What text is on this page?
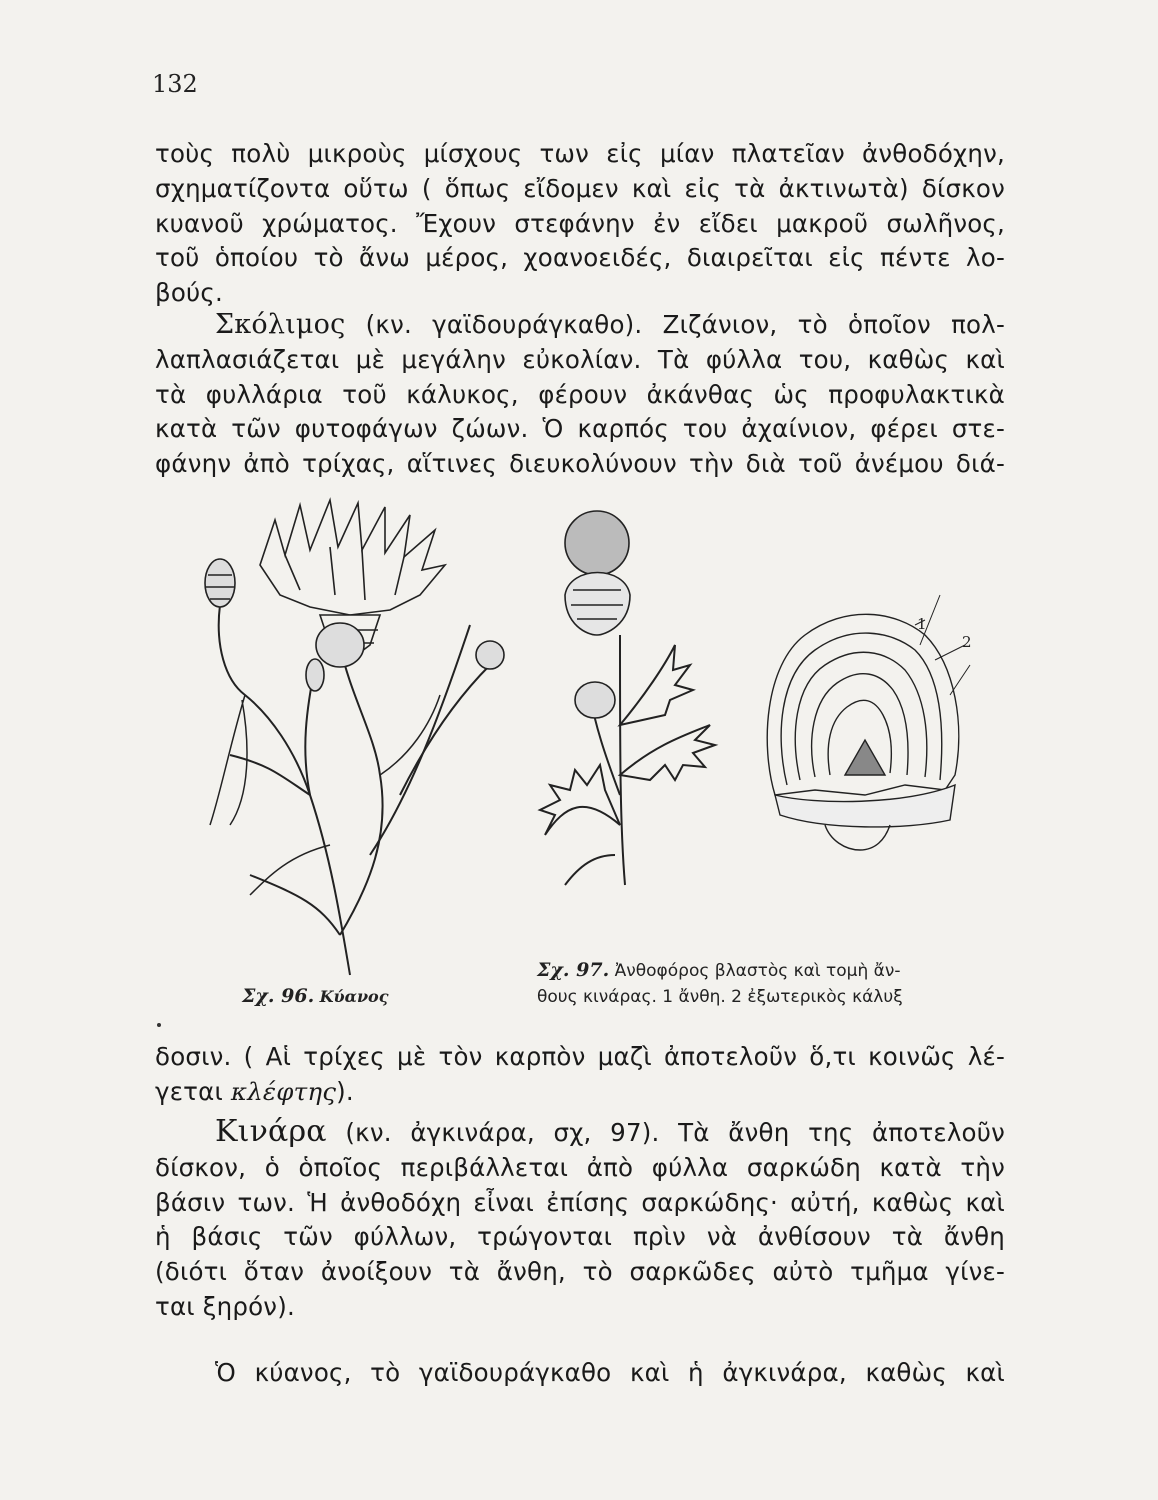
132
τοὺς πολὺ μικροὺς μίσχους των εἰς μίαν πλατεῖαν ἀνθοδόχην,
σχηματίζοντα οὕτω ( ὅπως εἴδομεν καὶ εἰς τὰ ἀκτινωτὰ) δίσκον
κυανοῦ χρώματος. Ἔχουν στεφάνην ἐν εἴδει μακροῦ σωλῆνος,
τοῦ ὁποίου τὸ ἄνω μέρος, χοανοειδές, διαιρεῖται εἰς πέντε λο-
βούς.
Σκόλιμος (κν. γαϊδουράγκαθο). Ζιζάνιον, τὸ ὁποῖον πολ-
λαπλασιάζεται μὲ μεγάλην εὐκολίαν. Τὰ φύλλα του, καθὼς καὶ
τὰ φυλλάρια τοῦ κάλυκος, φέρουν ἀκάνθας ὡς προφυλακτικὰ
κατὰ τῶν φυτοφάγων ζώων. Ὁ καρπός του ἀχαίνιον, φέρει στε-
φάνην ἀπὸ τρίχας, αἵτινες διευκολύνουν τὴν διὰ τοῦ ἀνέμου διά-
1
2
Σχ. 96. Κύανος
Σχ. 97. Ἀνθοφόρος βλαστὸς καὶ τομὴ ἄν-
θους κινάρας. 1 ἄνθη. 2 ἐξωτερικὸς κάλυξ
δοσιν. ( Αἱ τρίχες μὲ τὸν καρπὸν μαζὶ ἀποτελοῦν ὅ,τι κοινῶς λέ-
γεται κλέφτης).
Κινάρα (κν. ἀγκινάρα, σχ, 97). Τὰ ἄνθη της ἀποτελοῦν
δίσκον, ὁ ὁποῖος περιβάλλεται ἀπὸ φύλλα σαρκώδη κατὰ τὴν
βάσιν των. Ἡ ἀνθοδόχη εἶναι ἐπίσης σαρκώδης· αὐτή, καθὼς καὶ
ἡ βάσις τῶν φύλλων, τρώγονται πρὶν νὰ ἀνθίσουν τὰ ἄνθη
(διότι ὅταν ἀνοίξουν τὰ ἄνθη, τὸ σαρκῶδες αὐτὸ τμῆμα γίνε-
ται ξηρόν).
Ὁ κύανος, τὸ γαϊδουράγκαθο καὶ ἡ ἀγκινάρα, καθὼς καὶ
